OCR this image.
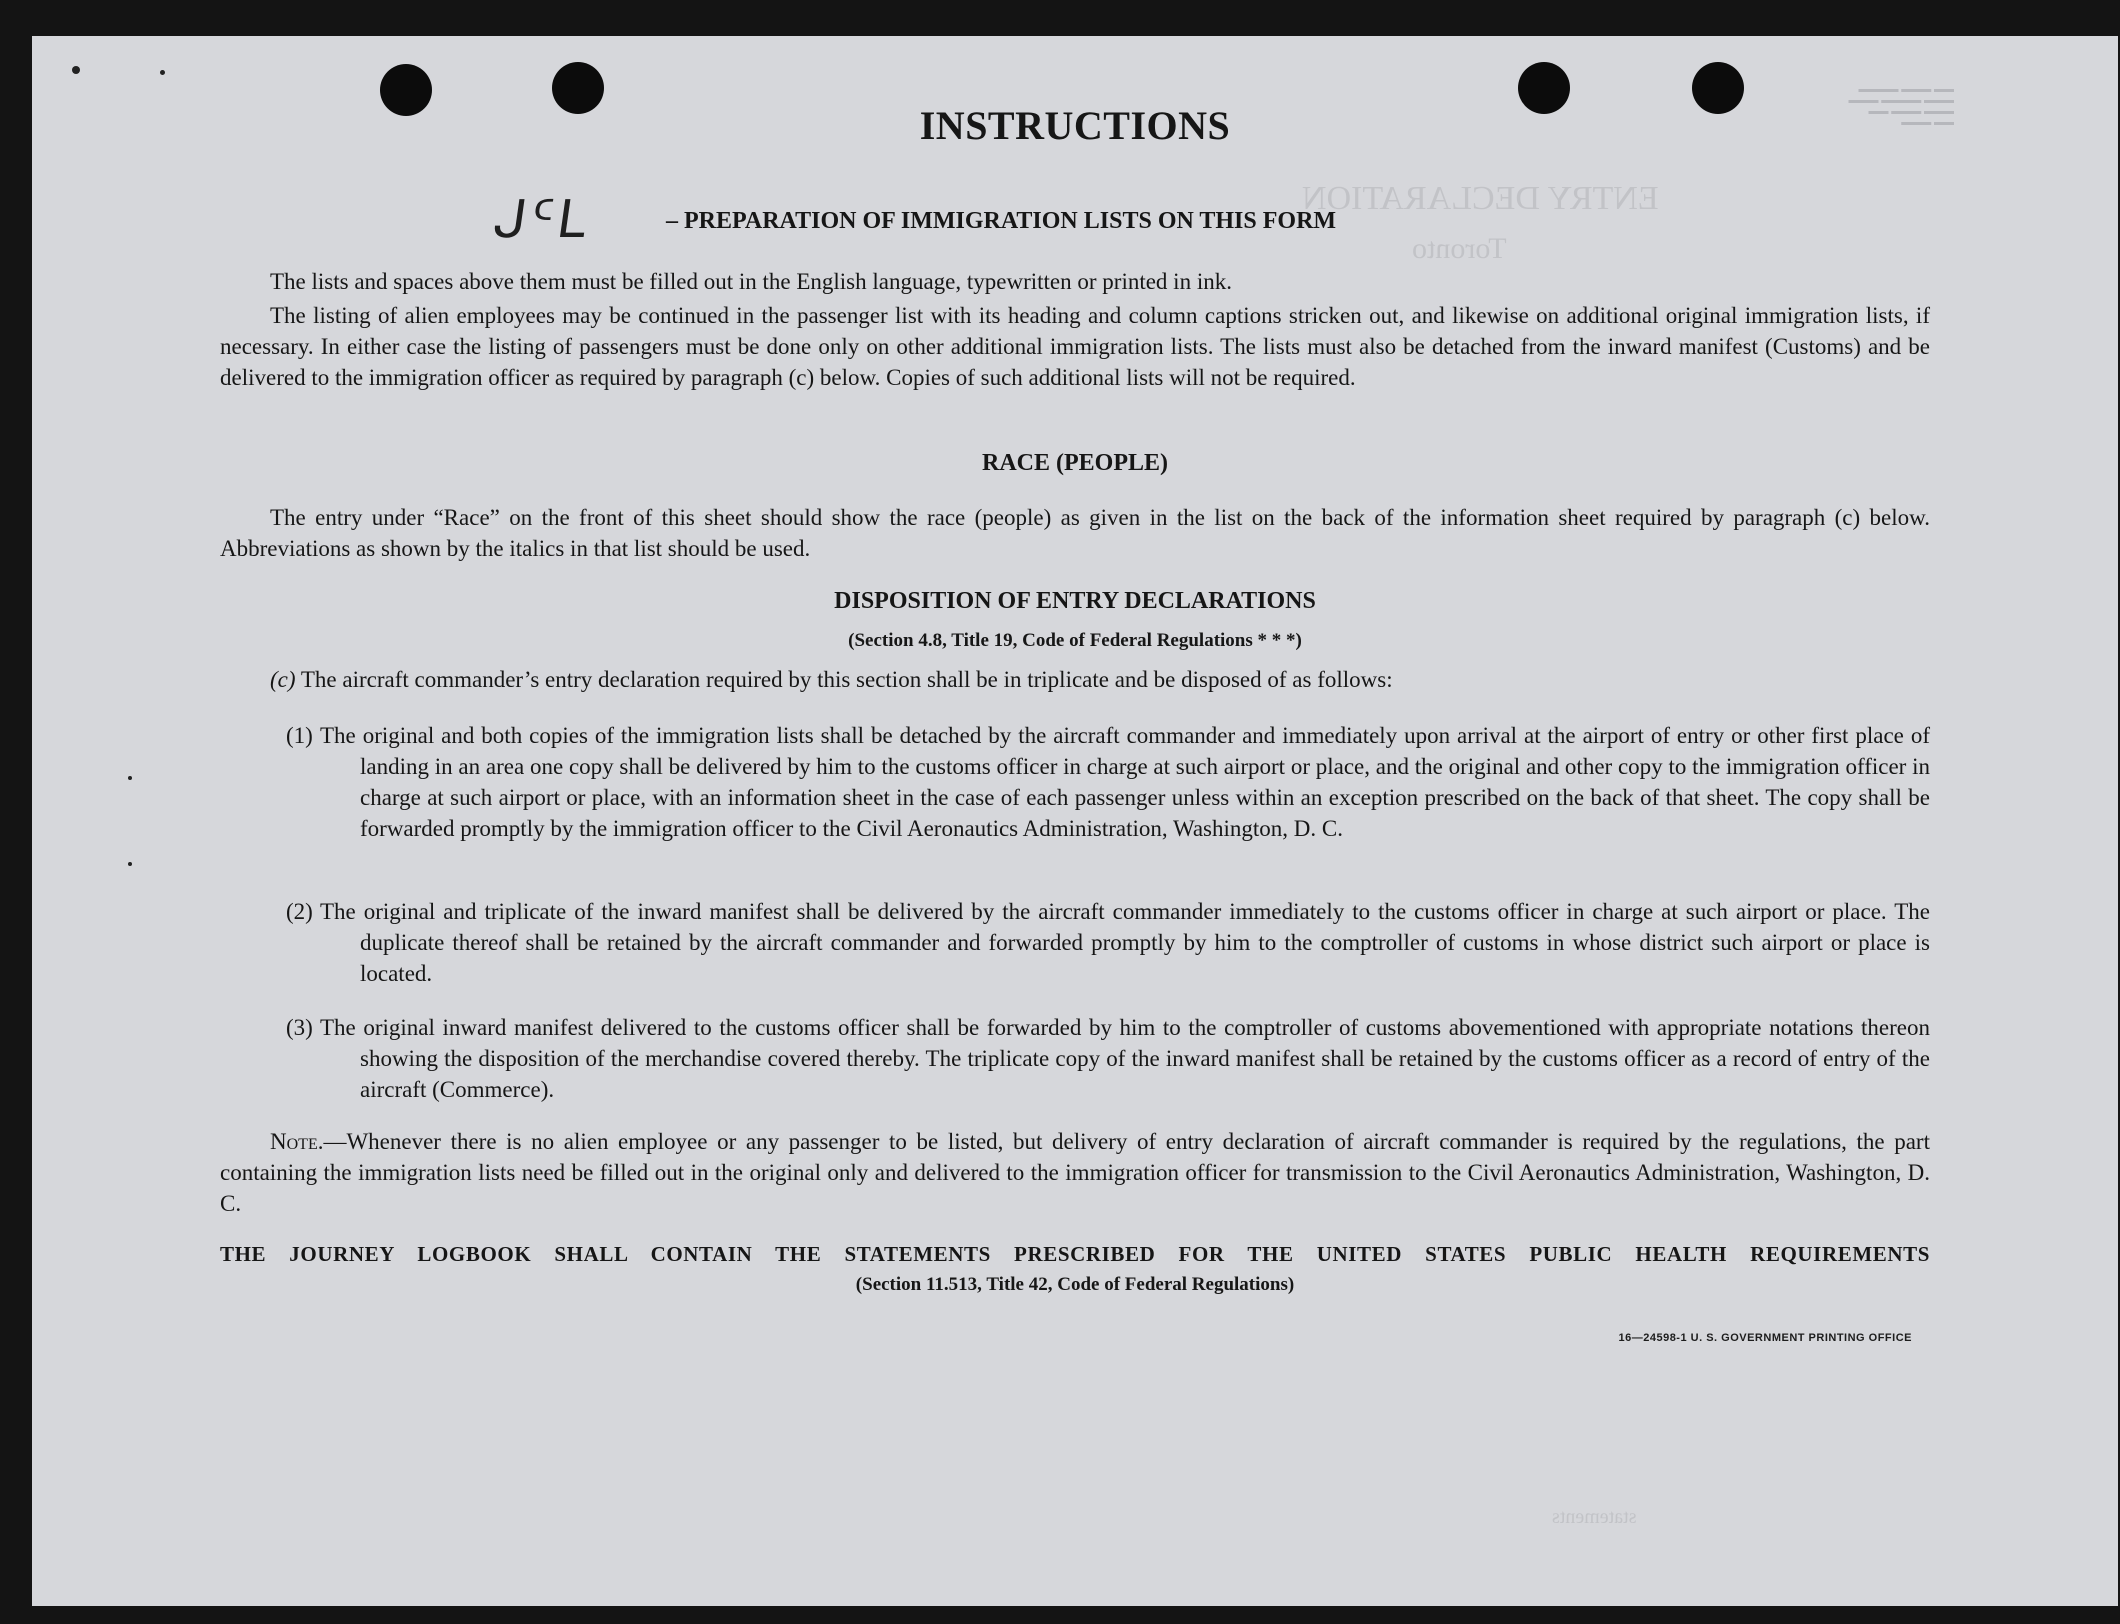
ENTRY DECLARATION
Toronto
statements
▬▬▬▬ ▬▬▬ ▬▬
▬▬▬ ▬▬▬▬ ▬▬▬
▬▬ ▬▬▬ ▬▬▬
▬▬▬ ▬▬
INSTRUCTIONS
ᒍᑦᒪ	– PREPARATION OF IMMIGRATION LISTS ON THIS FORM
The lists and spaces above them must be filled out in the English language, typewritten or printed in ink.
The listing of alien employees may be continued in the passenger list with its heading and column captions stricken out, and likewise on additional original immigration lists, if necessary. In either case the listing of passengers must be done only on other additional immigration lists. The lists must also be detached from the inward manifest (Customs) and be delivered to the immigration officer as required by paragraph (c) below. Copies of such additional lists will not be required.
RACE (PEOPLE)
The entry under “Race” on the front of this sheet should show the race (people) as given in the list on the back of the information sheet required by paragraph (c) below. Abbreviations as shown by the italics in that list should be used.
DISPOSITION OF ENTRY DECLARATIONS
(Section 4.8, Title 19, Code of Federal Regulations * * *)
(c) The aircraft commander’s entry declaration required by this section shall be in triplicate and be disposed of as follows:
(1) The original and both copies of the immigration lists shall be detached by the aircraft commander and immediately upon arrival at the airport of entry or other first place of landing in an area one copy shall be delivered by him to the customs officer in charge at such airport or place, and the original and other copy to the immigration officer in charge at such airport or place, with an information sheet in the case of each passenger unless within an exception prescribed on the back of that sheet. The copy shall be forwarded promptly by the immigration officer to the Civil Aeronautics Administration, Washington, D. C.
(2) The original and triplicate of the inward manifest shall be delivered by the aircraft commander immediately to the customs officer in charge at such airport or place. The duplicate thereof shall be retained by the aircraft commander and forwarded promptly by him to the comptroller of customs in whose district such airport or place is located.
(3) The original inward manifest delivered to the customs officer shall be forwarded by him to the comptroller of customs abovementioned with appropriate notations thereon showing the disposition of the merchandise covered thereby. The triplicate copy of the inward manifest shall be retained by the customs officer as a record of entry of the aircraft (Commerce).
Note.—Whenever there is no alien employee or any passenger to be listed, but delivery of entry declaration of aircraft commander is required by the regulations, the part containing the immigration lists need be filled out in the original only and delivered to the immigration officer for transmission to the Civil Aeronautics Administration, Washington, D. C.
THE JOURNEY LOGBOOK SHALL CONTAIN THE STATEMENTS PRESCRIBED FOR THE UNITED STATES PUBLIC HEALTH REQUIREMENTS
(Section 11.513, Title 42, Code of Federal Regulations)
16—24598-1 U. S. GOVERNMENT PRINTING OFFICE
